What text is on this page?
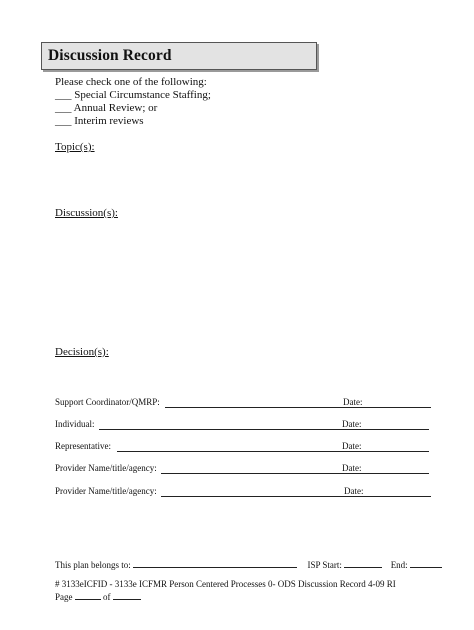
Discussion Record
Please check one of the following:
___ Special Circumstance Staffing;
___ Annual Review; or
___ Interim reviews
Topic(s):
Discussion(s):
Decision(s):
Support Coordinator/QMRP:	Date:
Individual:	Date:
Representative:	Date:
Provider Name/title/agency:	Date:
Provider Name/title/agency:	Date:
This plan belongs to:	ISP Start:	End:
# 3133eICFID - 3133e ICFMR Person Centered Processes 0- ODS Discussion Record 4-09 RI
Page	of
